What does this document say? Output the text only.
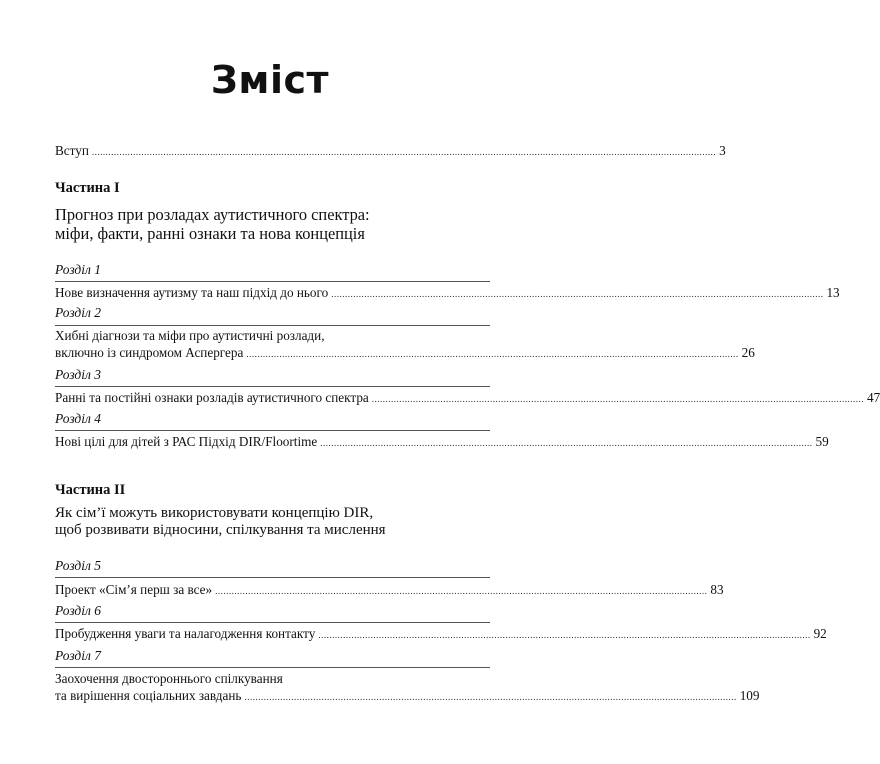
Зміст
Вступ ................................................................................................................................................................................................................................... 3
Частина I
Прогноз при розладах аутистичного спектра:
міфи, факти, ранні ознаки та нова концепція
Розділ 1
Нове визначення аутизму та наш підхід до нього ................................................................................................................................................................................... 13
Розділ 2
Хибні діагнози та міфи про аутистичні розлади,
включно із синдромом Аспергера ................................................................................................................................................................................... 26
Розділ 3
Ранні та постійні ознаки розладів аутистичного спектра ................................................................................................................................................................................... 47
Розділ 4
Нові цілі для дітей з РАС Підхід DIR/Floortime ................................................................................................................................................................................... 59
Частина II
Як сім’ї можуть використовувати концепцію DIR,
щоб розвивати відносини, спілкування та мислення
Розділ 5
Проект «Сім’я перш за все» ................................................................................................................................................................................... 83
Розділ 6
Пробудження уваги та налагодження контакту ................................................................................................................................................................................... 92
Розділ 7
Заохочення двостороннього спілкування
та вирішення соціальних завдань ................................................................................................................................................................................... 109
